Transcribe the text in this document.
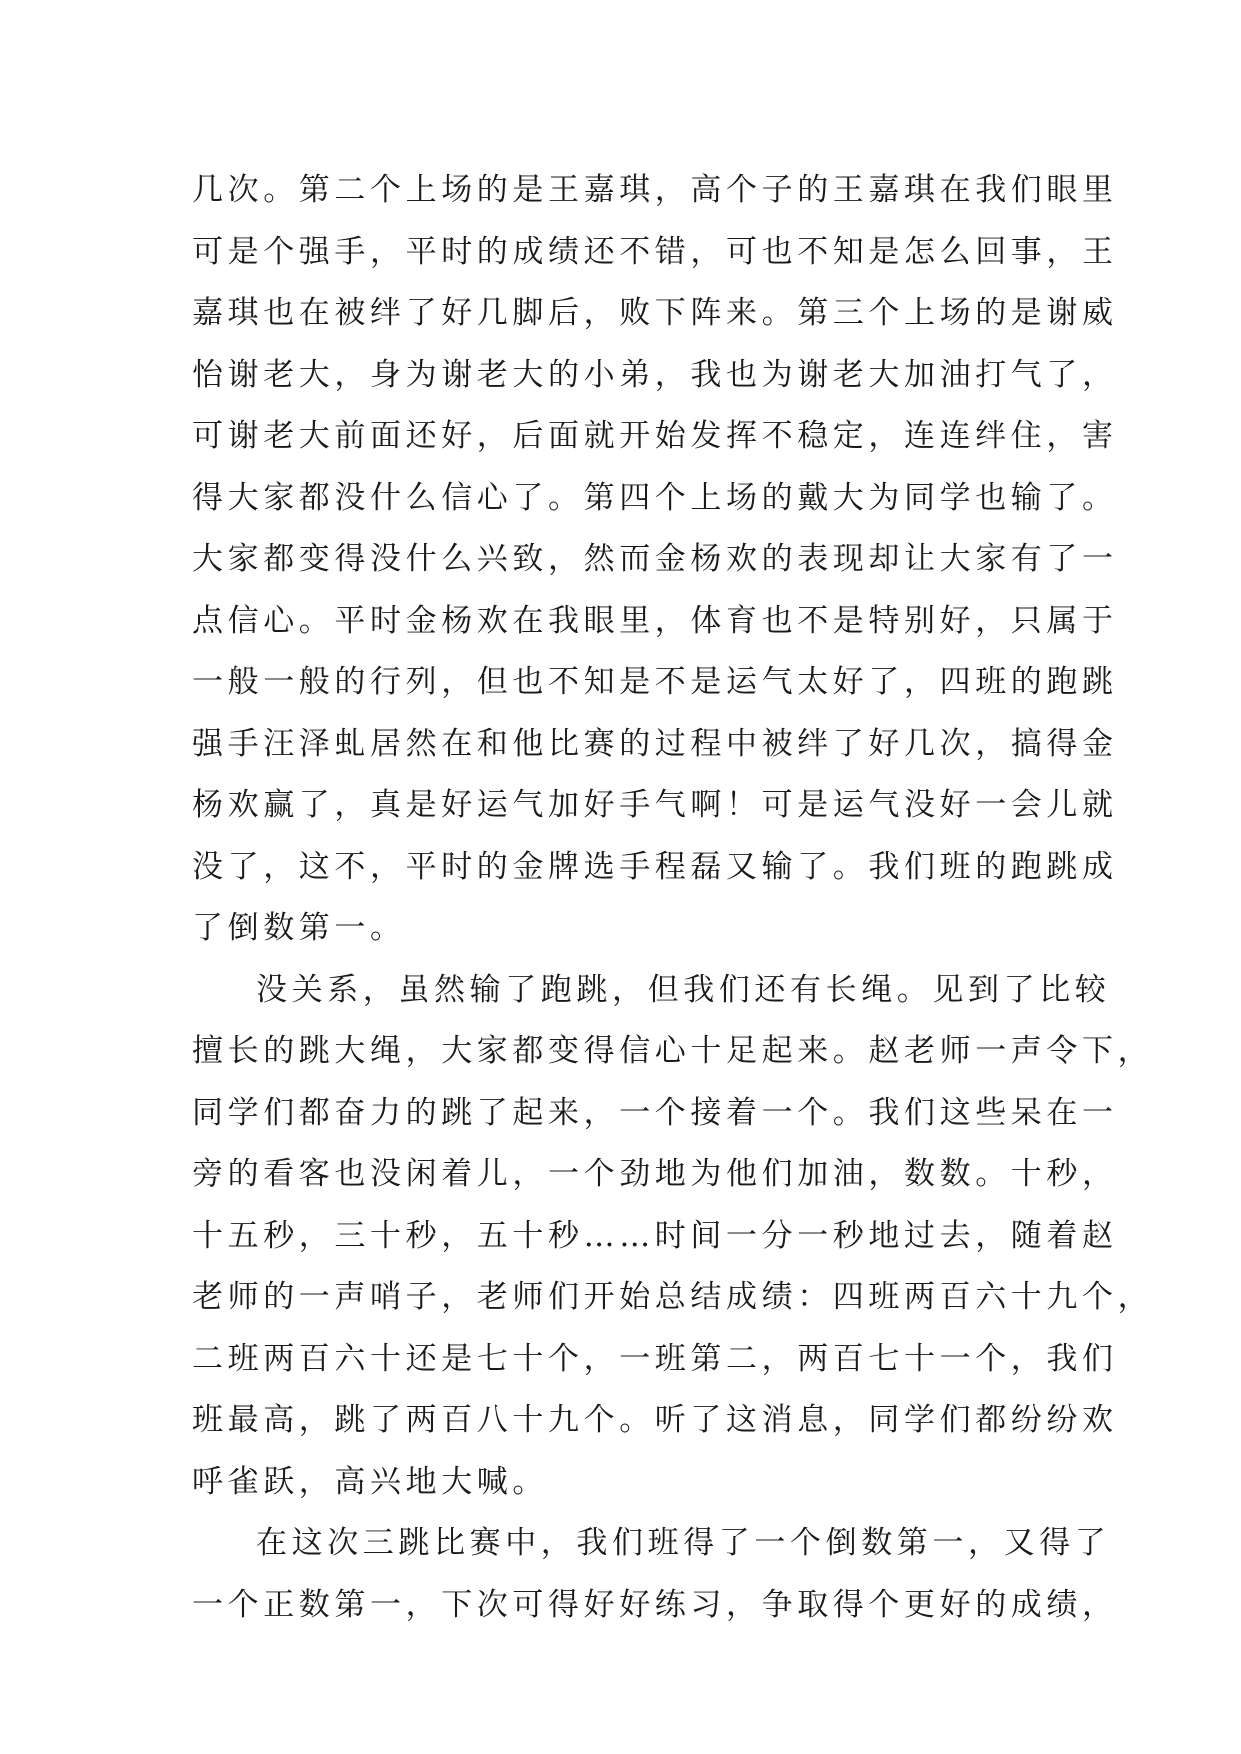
几次。第二个上场的是王嘉琪，高个子的王嘉琪在我们眼里
可是个强手，平时的成绩还不错，可也不知是怎么回事，王
嘉琪也在被绊了好几脚后，败下阵来。第三个上场的是谢威
怡谢老大，身为谢老大的小弟，我也为谢老大加油打气了，
可谢老大前面还好，后面就开始发挥不稳定，连连绊住，害
得大家都没什么信心了。第四个上场的戴大为同学也输了。
大家都变得没什么兴致，然而金杨欢的表现却让大家有了一
点信心。平时金杨欢在我眼里，体育也不是特别好，只属于
一般一般的行列，但也不知是不是运气太好了，四班的跑跳
强手汪泽虬居然在和他比赛的过程中被绊了好几次，搞得金
杨欢赢了，真是好运气加好手气啊！可是运气没好一会儿就
没了，这不，平时的金牌选手程磊又输了。我们班的跑跳成
了倒数第一。
没关系，虽然输了跑跳，但我们还有长绳。见到了比较
擅长的跳大绳，大家都变得信心十足起来。赵老师一声令下，
同学们都奋力的跳了起来，一个接着一个。我们这些呆在一
旁的看客也没闲着儿，一个劲地为他们加油，数数。十秒，
十五秒，三十秒，五十秒……时间一分一秒地过去，随着赵
老师的一声哨子，老师们开始总结成绩：四班两百六十九个，
二班两百六十还是七十个，一班第二，两百七十一个，我们
班最高，跳了两百八十九个。听了这消息，同学们都纷纷欢
呼雀跃，高兴地大喊。
在这次三跳比赛中，我们班得了一个倒数第一，又得了
一个正数第一，下次可得好好练习，争取得个更好的成绩，
